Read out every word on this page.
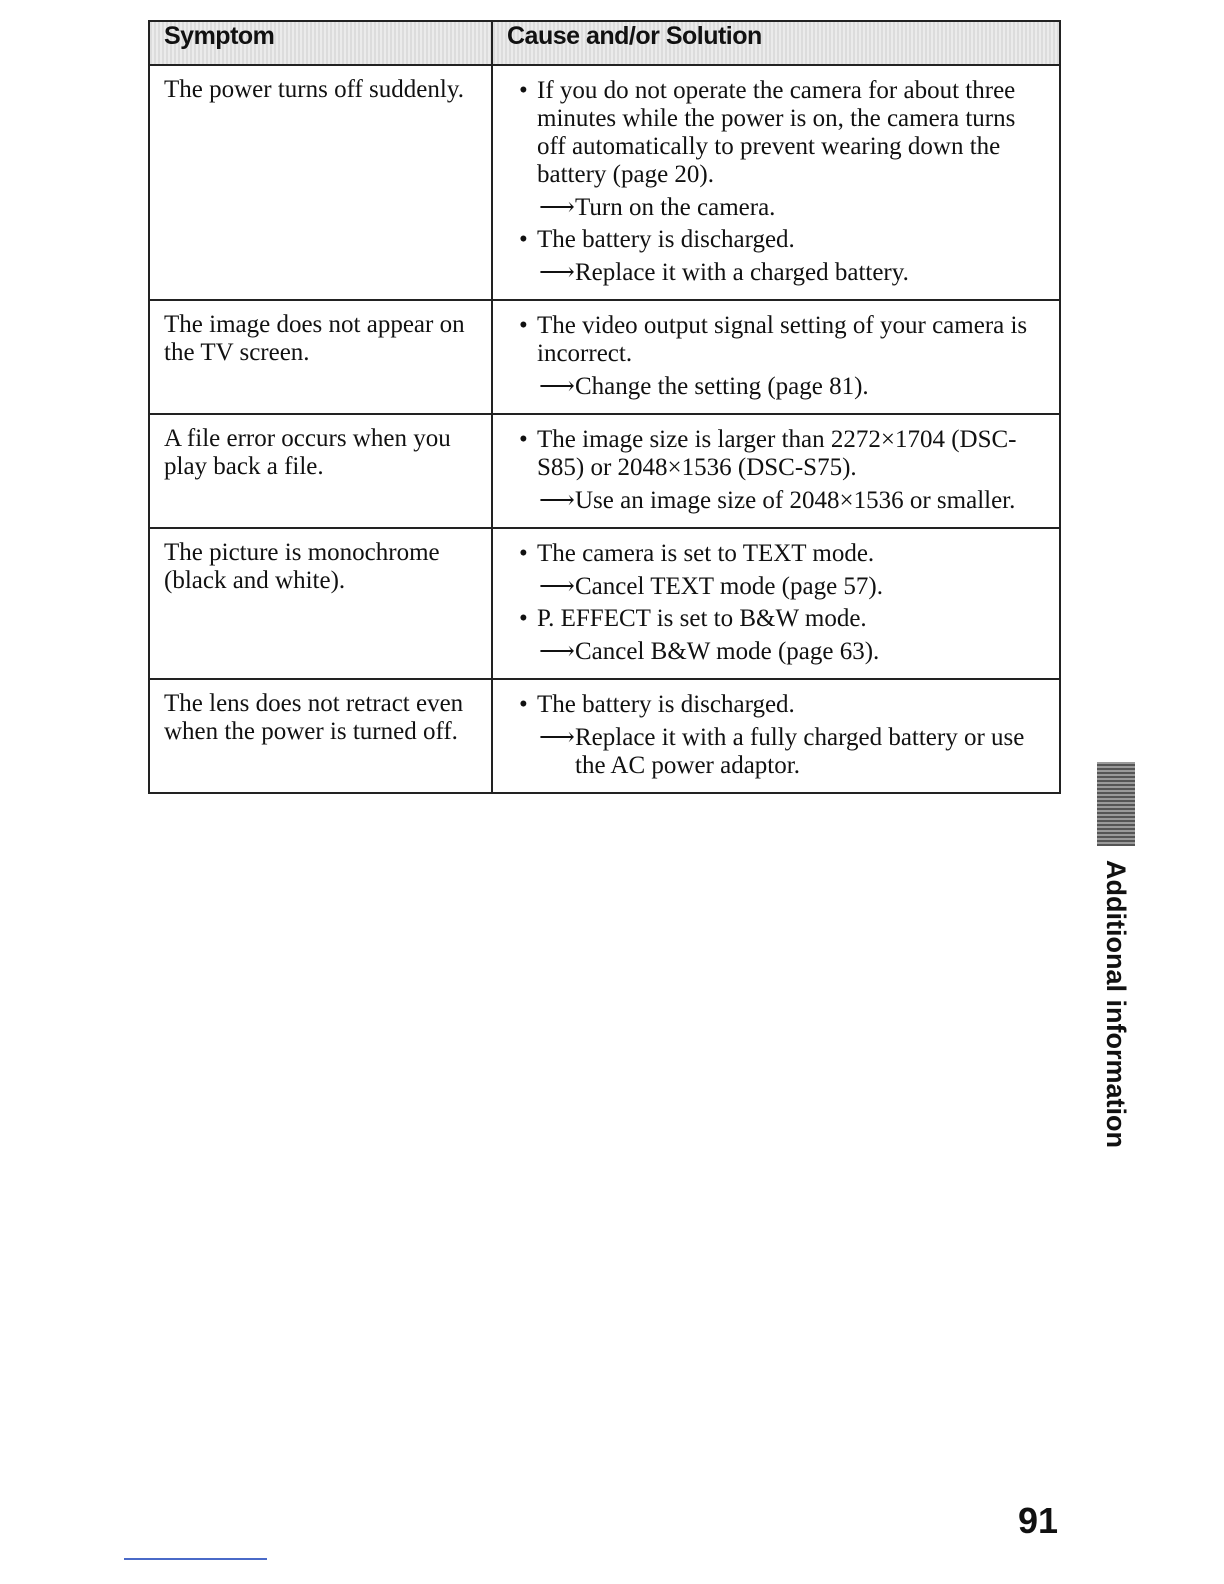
Symptom	Cause and/or Solution

The power turns off suddenly.	• If you do not operate the camera for about three minutes while the power is on, the camera turns off automatically to prevent wearing down the battery (page 20).
⟶Turn on the camera.
• The battery is discharged.
⟶Replace it with a charged battery.

The image does not appear on the TV screen.	• The video output signal setting of your camera is incorrect.
⟶Change the setting (page 81).

A file error occurs when you play back a file.	• The image size is larger than 2272×1704 (DSC-S85) or 2048×1536 (DSC-S75).
⟶Use an image size of 2048×1536 or smaller.

The picture is monochrome (black and white).	• The camera is set to TEXT mode.
⟶Cancel TEXT mode (page 57).
• P. EFFECT is set to B&W mode.
⟶Cancel B&W mode (page 63).

The lens does not retract even when the power is turned off.	• The battery is discharged.
⟶Replace it with a fully charged battery or use the AC power adaptor.
Additional information
91
